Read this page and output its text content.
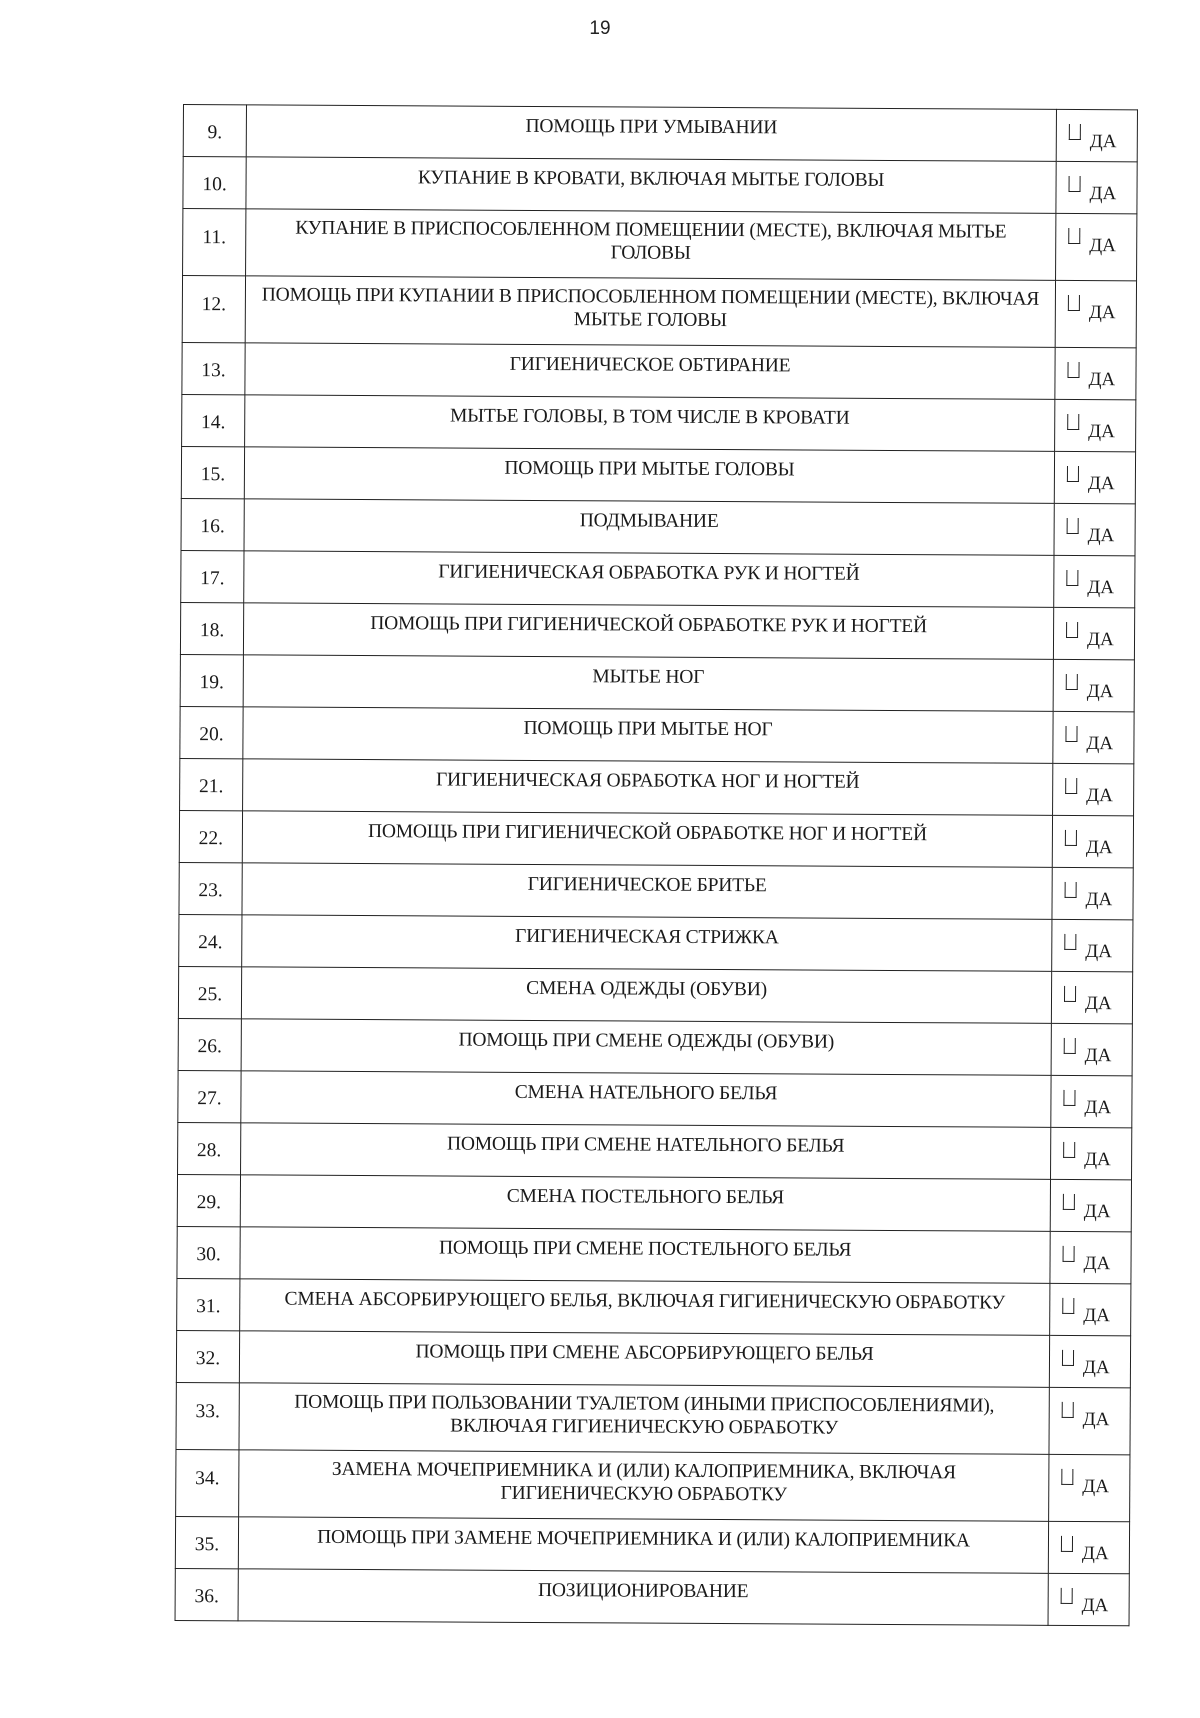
19
9.	ПОМОЩЬ ПРИ УМЫВАНИИ	ДА
10.	КУПАНИЕ В КРОВАТИ, ВКЛЮЧАЯ МЫТЬЕ ГОЛОВЫ	ДА
11.	КУПАНИЕ В ПРИСПОСОБЛЕННОМ ПОМЕЩЕНИИ (МЕСТЕ), ВКЛЮЧАЯ МЫТЬЕ ГОЛОВЫ	ДА
12.	ПОМОЩЬ ПРИ КУПАНИИ В ПРИСПОСОБЛЕННОМ ПОМЕЩЕНИИ (МЕСТЕ), ВКЛЮЧАЯ МЫТЬЕ ГОЛОВЫ	ДА
13.	ГИГИЕНИЧЕСКОЕ ОБТИРАНИЕ	ДА
14.	МЫТЬЕ ГОЛОВЫ, В ТОМ ЧИСЛЕ В КРОВАТИ	ДА
15.	ПОМОЩЬ ПРИ МЫТЬЕ ГОЛОВЫ	ДА
16.	ПОДМЫВАНИЕ	ДА
17.	ГИГИЕНИЧЕСКАЯ ОБРАБОТКА РУК И НОГТЕЙ	ДА
18.	ПОМОЩЬ ПРИ ГИГИЕНИЧЕСКОЙ ОБРАБОТКЕ РУК И НОГТЕЙ	ДА
19.	МЫТЬЕ НОГ	ДА
20.	ПОМОЩЬ ПРИ МЫТЬЕ НОГ	ДА
21.	ГИГИЕНИЧЕСКАЯ ОБРАБОТКА НОГ И НОГТЕЙ	ДА
22.	ПОМОЩЬ ПРИ ГИГИЕНИЧЕСКОЙ ОБРАБОТКЕ НОГ И НОГТЕЙ	ДА
23.	ГИГИЕНИЧЕСКОЕ БРИТЬЕ	ДА
24.	ГИГИЕНИЧЕСКАЯ СТРИЖКА	ДА
25.	СМЕНА ОДЕЖДЫ (ОБУВИ)	ДА
26.	ПОМОЩЬ ПРИ СМЕНЕ ОДЕЖДЫ (ОБУВИ)	ДА
27.	СМЕНА НАТЕЛЬНОГО БЕЛЬЯ	ДА
28.	ПОМОЩЬ ПРИ СМЕНЕ НАТЕЛЬНОГО БЕЛЬЯ	ДА
29.	СМЕНА ПОСТЕЛЬНОГО БЕЛЬЯ	ДА
30.	ПОМОЩЬ ПРИ СМЕНЕ ПОСТЕЛЬНОГО БЕЛЬЯ	ДА
31.	СМЕНА АБСОРБИРУЮЩЕГО БЕЛЬЯ, ВКЛЮЧАЯ ГИГИЕНИЧЕСКУЮ ОБРАБОТКУ	ДА
32.	ПОМОЩЬ ПРИ СМЕНЕ АБСОРБИРУЮЩЕГО БЕЛЬЯ	ДА
33.	ПОМОЩЬ ПРИ ПОЛЬЗОВАНИИ ТУАЛЕТОМ (ИНЫМИ ПРИСПОСОБЛЕНИЯМИ), ВКЛЮЧАЯ ГИГИЕНИЧЕСКУЮ ОБРАБОТКУ	ДА
34.	ЗАМЕНА МОЧЕПРИЕМНИКА И (ИЛИ) КАЛОПРИЕМНИКА, ВКЛЮЧАЯ ГИГИЕНИЧЕСКУЮ ОБРАБОТКУ	ДА
35.	ПОМОЩЬ ПРИ ЗАМЕНЕ МОЧЕПРИЕМНИКА И (ИЛИ) КАЛОПРИЕМНИКА	ДА
36.	ПОЗИЦИОНИРОВАНИЕ	ДА
